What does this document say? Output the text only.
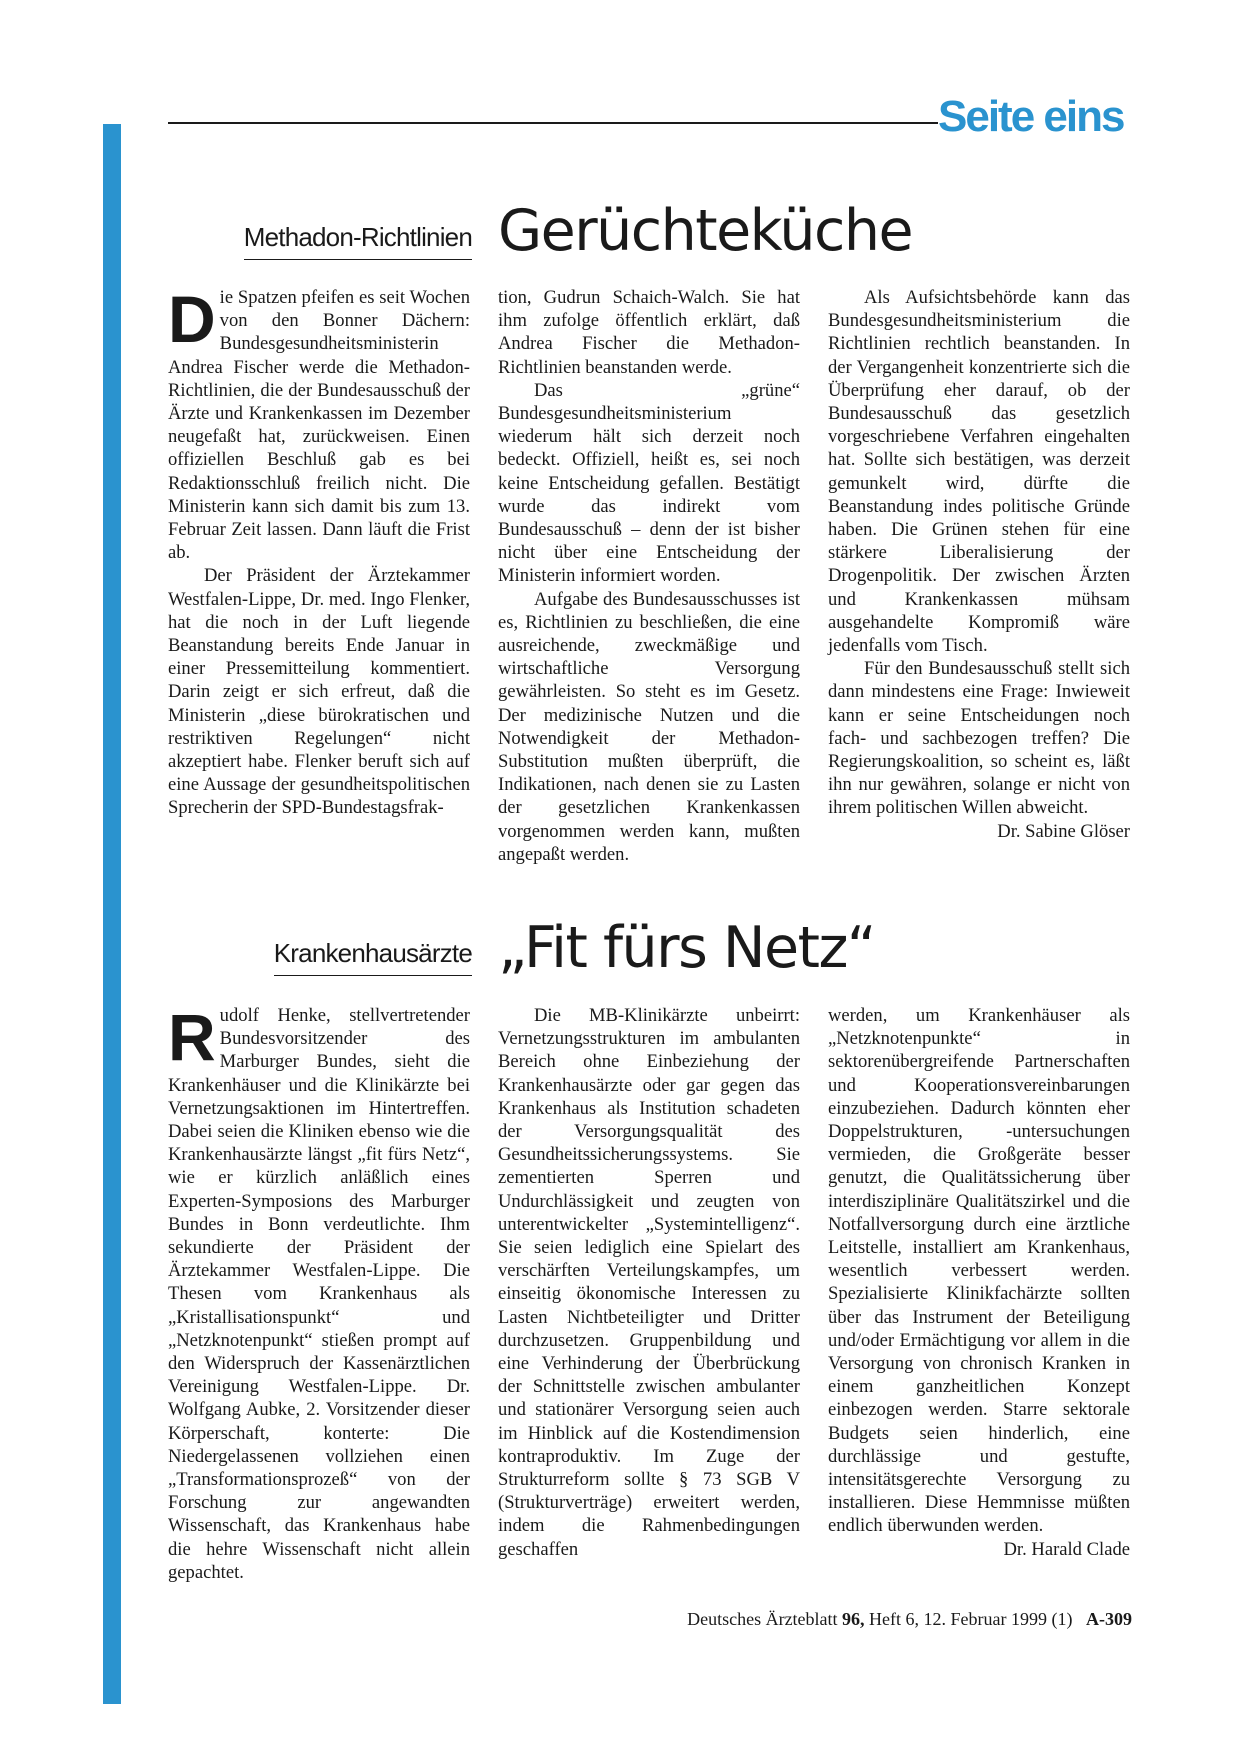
Seite eins
Methadon-Richtlinien Gerüchteküche

Die Spatzen pfeifen es seit Wochen von den Bonner Dächern: Bundesgesundheitsministerin Andrea Fischer werde die Methadon-Richtlinien, die der Bundesausschuß der Ärzte und Krankenkassen im Dezember neugefaßt hat, zurückweisen. Einen offiziellen Beschluß gab es bei Redaktionsschluß freilich nicht. Die Ministerin kann sich damit bis zum 13. Februar Zeit lassen. Dann läuft die Frist ab.

Der Präsident der Ärztekammer Westfalen-Lippe, Dr. med. Ingo Flenker, hat die noch in der Luft liegende Beanstandung bereits Ende Januar in einer Pressemitteilung kommentiert. Darin zeigt er sich erfreut, daß die Ministerin „diese bürokratischen und restriktiven Regelungen“ nicht akzeptiert habe. Flenker beruft sich auf eine Aussage der gesundheitspolitischen Sprecherin der SPD-Bundestagsfrak-

tion, Gudrun Schaich-Walch. Sie hat ihm zufolge öffentlich erklärt, daß Andrea Fischer die Methadon-Richtlinien beanstanden werde.

Das „grüne“ Bundesgesundheitsministerium wiederum hält sich derzeit noch bedeckt. Offiziell, heißt es, sei noch keine Entscheidung gefallen. Bestätigt wurde das indirekt vom Bundesausschuß – denn der ist bisher nicht über eine Entscheidung der Ministerin informiert worden.

Aufgabe des Bundesausschusses ist es, Richtlinien zu beschließen, die eine ausreichende, zweckmäßige und wirtschaftliche Versorgung gewährleisten. So steht es im Gesetz. Der medizinische Nutzen und die Notwendigkeit der Methadon-Substitution mußten überprüft, die Indikationen, nach denen sie zu Lasten der gesetzlichen Krankenkassen vorgenommen werden kann, mußten angepaßt werden.

Als Aufsichtsbehörde kann das Bundesgesundheitsministerium die Richtlinien rechtlich beanstanden. In der Vergangenheit konzentrierte sich die Überprüfung eher darauf, ob der Bundesausschuß das gesetzlich vorgeschriebene Verfahren eingehalten hat. Sollte sich bestätigen, was derzeit gemunkelt wird, dürfte die Beanstandung indes politische Gründe haben. Die Grünen stehen für eine stärkere Liberalisierung der Drogenpolitik. Der zwischen Ärzten und Krankenkassen mühsam ausgehandelte Kompromiß wäre jedenfalls vom Tisch.

Für den Bundesausschuß stellt sich dann mindestens eine Frage: Inwieweit kann er seine Entscheidungen noch fach- und sachbezogen treffen? Die Regierungskoalition, so scheint es, läßt ihn nur gewähren, solange er nicht von ihrem politischen Willen abweicht.
Dr. Sabine Glöser

Krankenhausärzte „Fit fürs Netz“

Rudolf Henke, stellvertretender Bundesvorsitzender des Marburger Bundes, sieht die Krankenhäuser und die Klinikärzte bei Vernetzungsaktionen im Hintertreffen. Dabei seien die Kliniken ebenso wie die Krankenhausärzte längst „fit fürs Netz“, wie er kürzlich anläßlich eines Experten-Symposions des Marburger Bundes in Bonn verdeutlichte. Ihm sekundierte der Präsident der Ärztekammer Westfalen-Lippe. Die Thesen vom Krankenhaus als „Kristallisationspunkt“ und „Netzknotenpunkt“ stießen prompt auf den Widerspruch der Kassenärztlichen Vereinigung Westfalen-Lippe. Dr. Wolfgang Aubke, 2. Vorsitzender dieser Körperschaft, konterte: Die Niedergelassenen vollziehen einen „Transformationsprozeß“ von der Forschung zur angewandten Wissenschaft, das Krankenhaus habe die hehre Wissenschaft nicht allein gepachtet.

Die MB-Klinikärzte unbeirrt: Vernetzungsstrukturen im ambulanten Bereich ohne Einbeziehung der Krankenhausärzte oder gar gegen das Krankenhaus als Institution schadeten der Versorgungsqualität des Gesundheitssicherungssystems. Sie zementierten Sperren und Undurchlässigkeit und zeugten von unterentwickelter „Systemintelligenz“. Sie seien lediglich eine Spielart des verschärften Verteilungskampfes, um einseitig ökonomische Interessen zu Lasten Nichtbeteiligter und Dritter durchzusetzen. Gruppenbildung und eine Verhinderung der Überbrückung der Schnittstelle zwischen ambulanter und stationärer Versorgung seien auch im Hinblick auf die Kostendimension kontraproduktiv. Im Zuge der Strukturreform sollte § 73 SGB V (Strukturverträge) erweitert werden, indem die Rahmenbedingungen geschaffen

werden, um Krankenhäuser als „Netzknotenpunkte“ in sektorenübergreifende Partnerschaften und Kooperationsvereinbarungen einzubeziehen. Dadurch könnten eher Doppelstrukturen, -untersuchungen vermieden, die Großgeräte besser genutzt, die Qualitätssicherung über interdisziplinäre Qualitätszirkel und die Notfallversorgung durch eine ärztliche Leitstelle, installiert am Krankenhaus, wesentlich verbessert werden. Spezialisierte Klinikfachärzte sollten über das Instrument der Beteiligung und/oder Ermächtigung vor allem in die Versorgung von chronisch Kranken in einem ganzheitlichen Konzept einbezogen werden. Starre sektorale Budgets seien hinderlich, eine durchlässige und gestufte, intensitätsgerechte Versorgung zu installieren. Diese Hemmnisse müßten endlich überwunden werden.
Dr. Harald Clade

Deutsches Ärzteblatt 96, Heft 6, 12. Februar 1999 (1) A-309
